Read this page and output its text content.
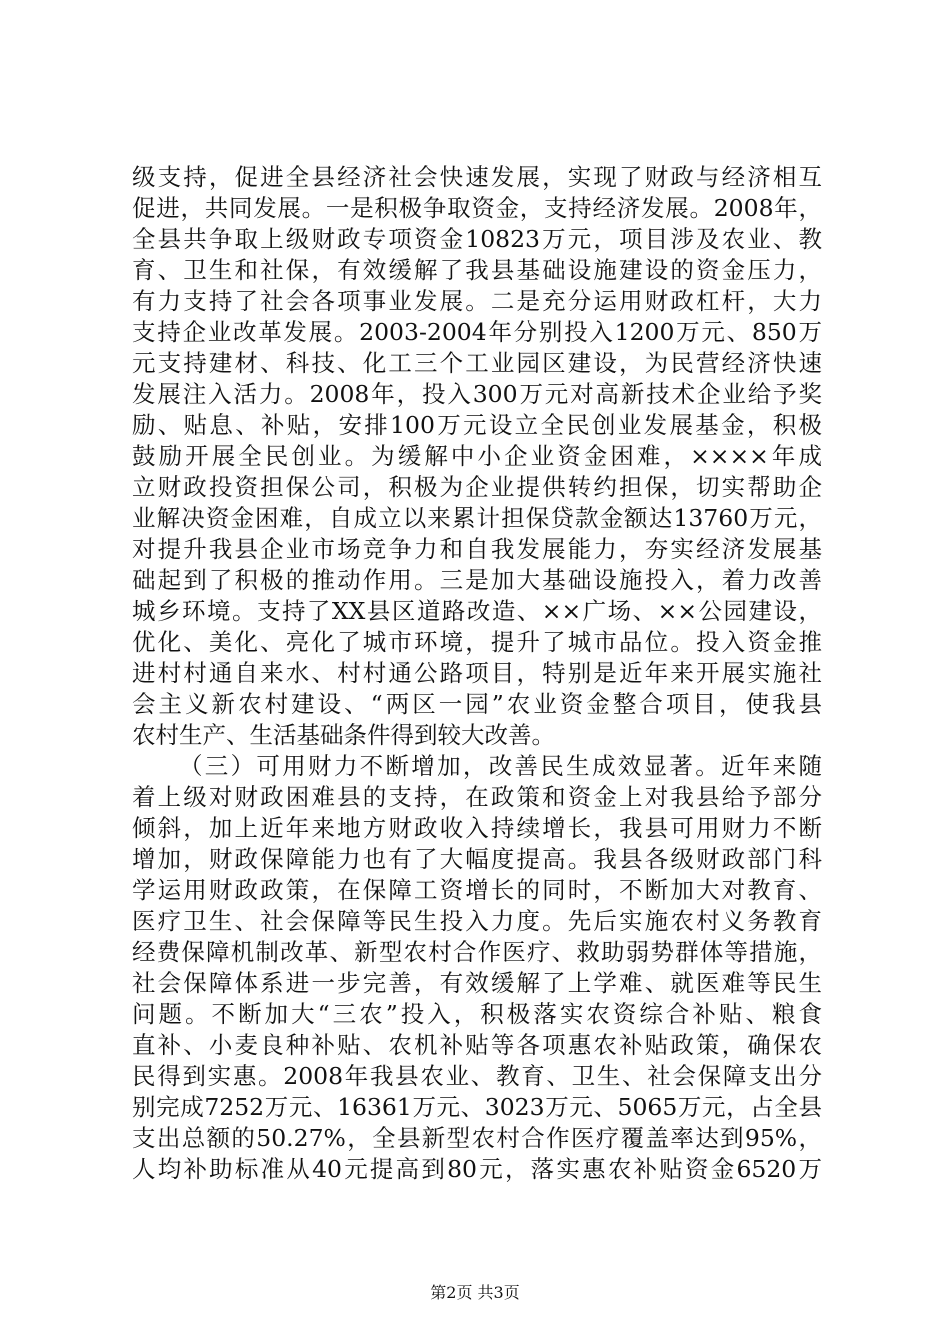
级支持，促进全县经济社会快速发展，实现了财政与经济相互
促进，共同发展。一是积极争取资金，支持经济发展。2008年，
全县共争取上级财政专项资金10823万元，项目涉及农业、教
育、卫生和社保，有效缓解了我县基础设施建设的资金压力，
有力支持了社会各项事业发展。二是充分运用财政杠杆，大力
支持企业改革发展。2003-2004年分别投入1200万元、850万
元支持建材、科技、化工三个工业园区建设，为民营经济快速
发展注入活力。2008年，投入300万元对高新技术企业给予奖
励、贴息、补贴，安排100万元设立全民创业发展基金，积极
鼓励开展全民创业。为缓解中小企业资金困难，××××年成
立财政投资担保公司，积极为企业提供转约担保，切实帮助企
业解决资金困难，自成立以来累计担保贷款金额达13760万元，
对提升我县企业市场竞争力和自我发展能力，夯实经济发展基
础起到了积极的推动作用。三是加大基础设施投入，着力改善
城乡环境。支持了XX县区道路改造、××广场、××公园建设，
优化、美化、亮化了城市环境，提升了城市品位。投入资金推
进村村通自来水、村村通公路项目，特别是近年来开展实施社
会主义新农村建设、“两区一园”农业资金整合项目，使我县
农村生产、生活基础条件得到较大改善。
（三）可用财力不断增加，改善民生成效显著。近年来随
着上级对财政困难县的支持，在政策和资金上对我县给予部分
倾斜，加上近年来地方财政收入持续增长，我县可用财力不断
增加，财政保障能力也有了大幅度提高。我县各级财政部门科
学运用财政政策，在保障工资增长的同时，不断加大对教育、
医疗卫生、社会保障等民生投入力度。先后实施农村义务教育
经费保障机制改革、新型农村合作医疗、救助弱势群体等措施，
社会保障体系进一步完善，有效缓解了上学难、就医难等民生
问题。不断加大“三农”投入，积极落实农资综合补贴、粮食
直补、小麦良种补贴、农机补贴等各项惠农补贴政策，确保农
民得到实惠。2008年我县农业、教育、卫生、社会保障支出分
别完成7252万元、16361万元、3023万元、5065万元，占全县
支出总额的50.27%，全县新型农村合作医疗覆盖率达到95%，
人均补助标准从40元提高到80元，落实惠农补贴资金6520万
第2页 共3页
